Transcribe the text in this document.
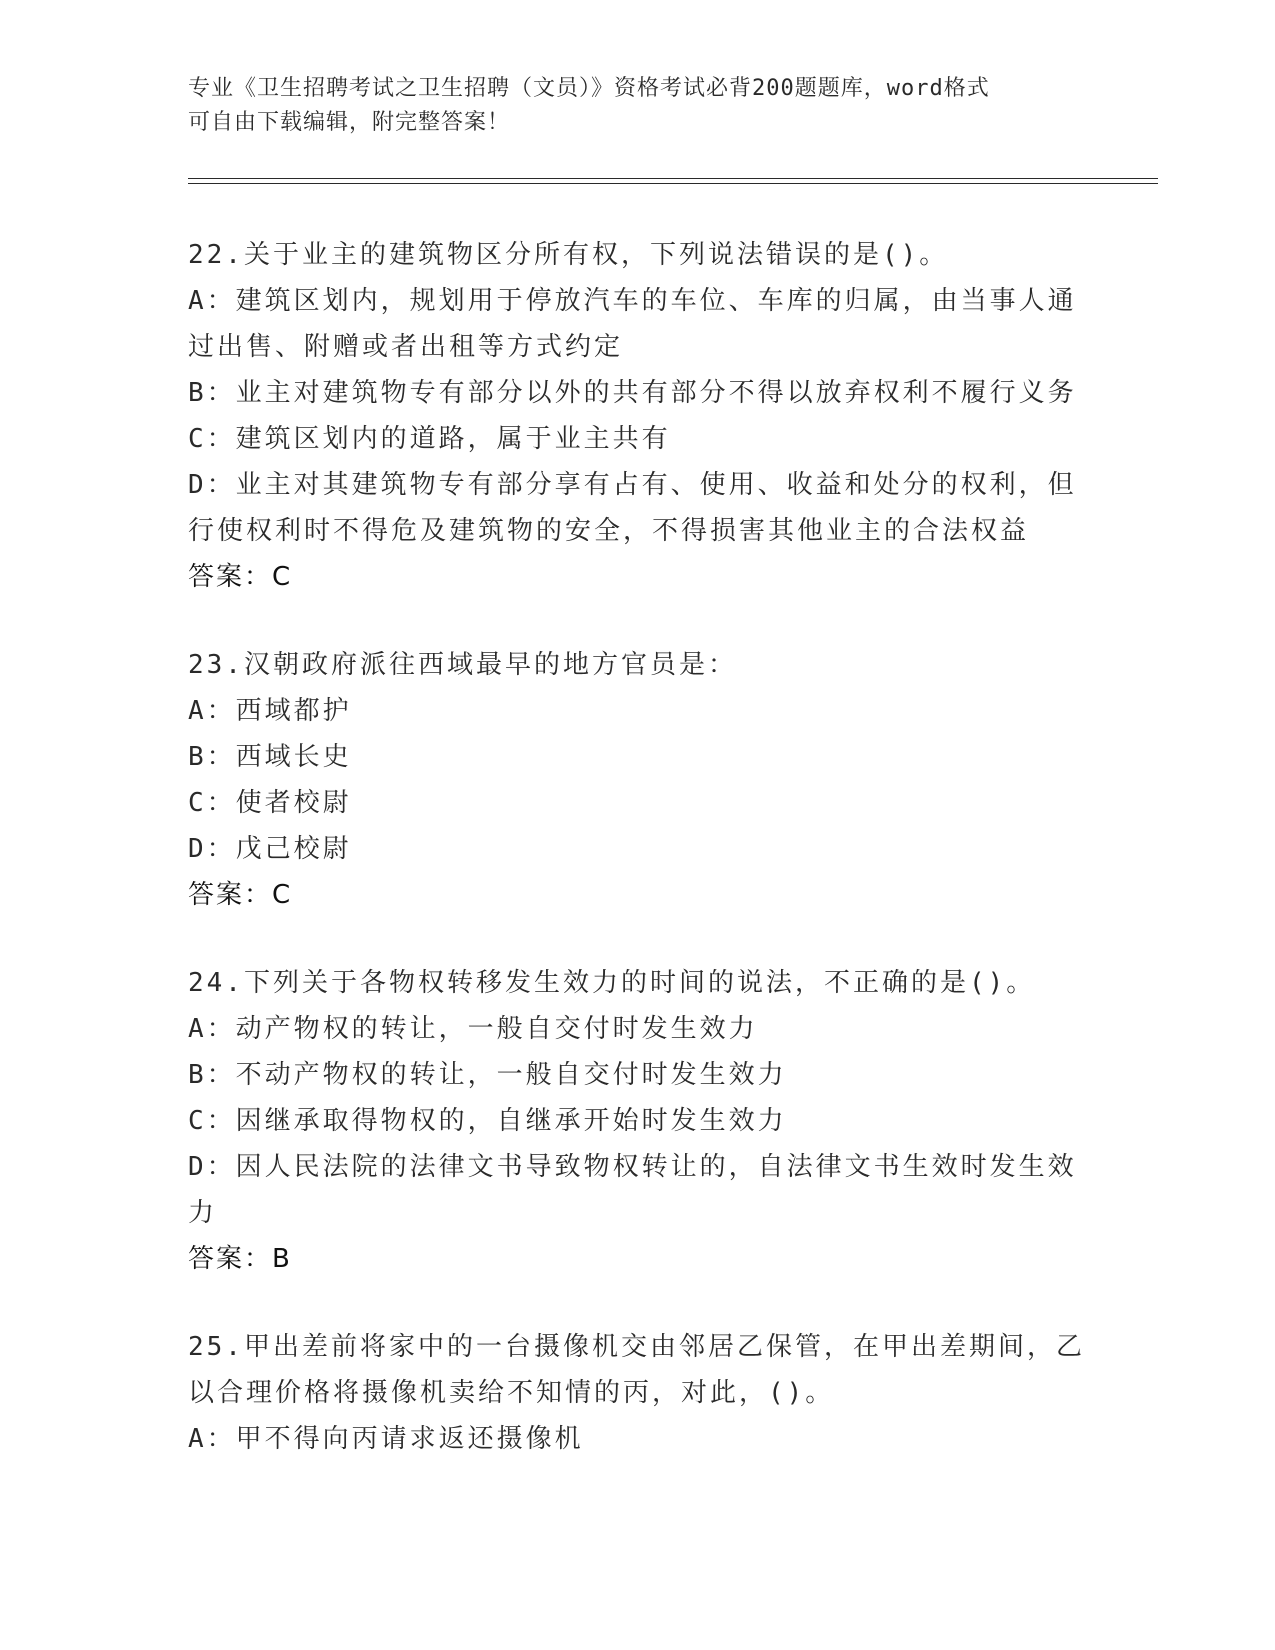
专业《卫生招聘考试之卫生招聘（文员）》资格考试必背200题题库，word格式
可自由下载编辑，附完整答案！
22.关于业主的建筑物区分所有权，下列说法错误的是()。
A：建筑区划内，规划用于停放汽车的车位、车库的归属，由当事人通
过出售、附赠或者出租等方式约定
B：业主对建筑物专有部分以外的共有部分不得以放弃权利不履行义务
C：建筑区划内的道路，属于业主共有
D：业主对其建筑物专有部分享有占有、使用、收益和处分的权利，但
行使权利时不得危及建筑物的安全，不得损害其他业主的合法权益
答案：C
23.汉朝政府派往西域最早的地方官员是：
A：西域都护
B：西域长史
C：使者校尉
D：戊己校尉
答案：C
24.下列关于各物权转移发生效力的时间的说法，不正确的是()。
A：动产物权的转让，一般自交付时发生效力
B：不动产物权的转让，一般自交付时发生效力
C：因继承取得物权的，自继承开始时发生效力
D：因人民法院的法律文书导致物权转让的，自法律文书生效时发生效
力
答案：B
25.甲出差前将家中的一台摄像机交由邻居乙保管，在甲出差期间，乙
以合理价格将摄像机卖给不知情的丙，对此，()。
A：甲不得向丙请求返还摄像机
